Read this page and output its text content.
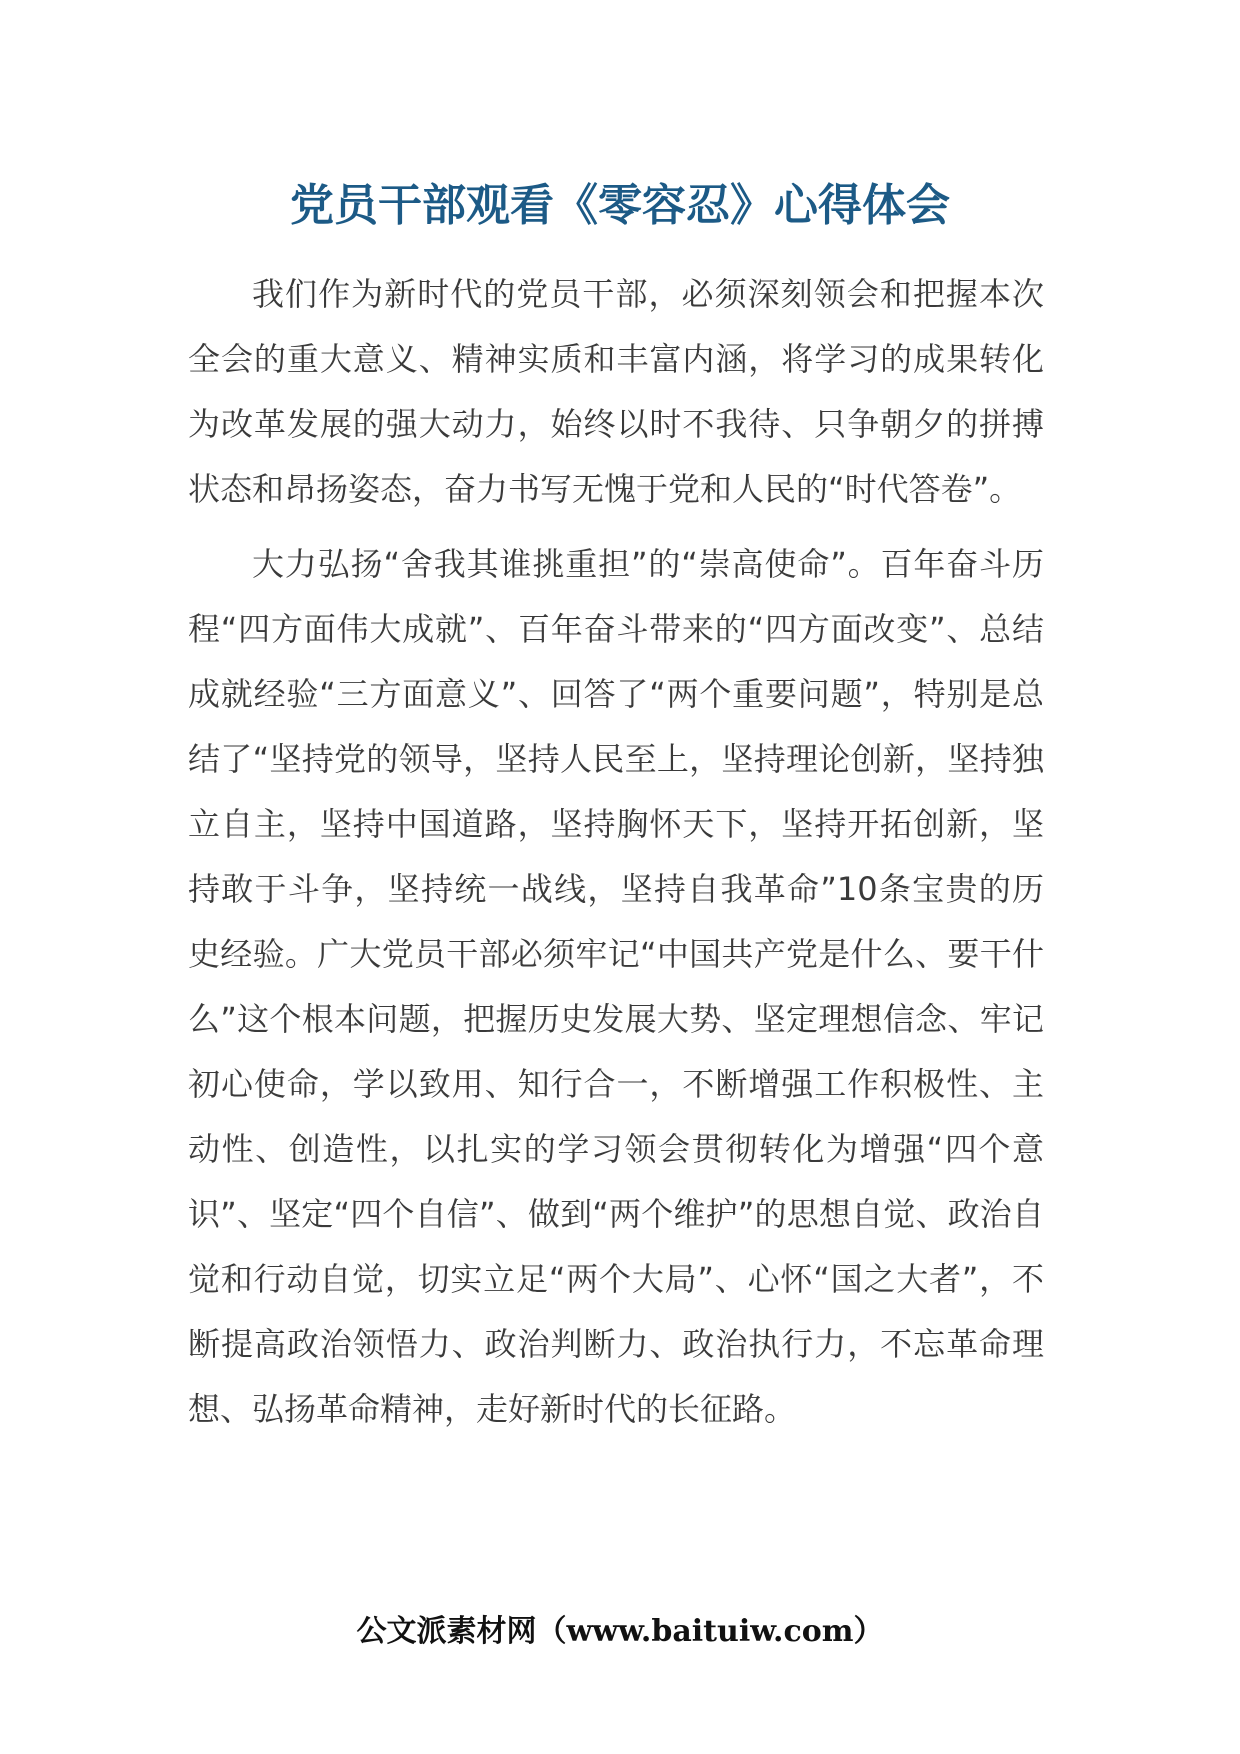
党员干部观看《零容忍》心得体会

我们作为新时代的党员干部，必须深刻领会和把握本次全会的重大意义、精神实质和丰富内涵，将学习的成果转化为改革发展的强大动力，始终以时不我待、只争朝夕的拼搏状态和昂扬姿态，奋力书写无愧于党和人民的“时代答卷”。

大力弘扬“舍我其谁挑重担”的“崇高使命”。百年奋斗历程“四方面伟大成就”、百年奋斗带来的“四方面改变”、总结成就经验“三方面意义”、回答了“两个重要问题”，特别是总结了“坚持党的领导，坚持人民至上，坚持理论创新，坚持独立自主，坚持中国道路，坚持胸怀天下，坚持开拓创新，坚持敢于斗争，坚持统一战线，坚持自我革命”10条宝贵的历史经验。广大党员干部必须牢记“中国共产党是什么、要干什么”这个根本问题，把握历史发展大势、坚定理想信念、牢记初心使命，学以致用、知行合一，不断增强工作积极性、主动性、创造性，以扎实的学习领会贯彻转化为增强“四个意识”、坚定“四个自信”、做到“两个维护”的思想自觉、政治自觉和行动自觉，切实立足“两个大局”、心怀“国之大者”，不断提高政治领悟力、政治判断力、政治执行力，不忘革命理想、弘扬革命精神，走好新时代的长征路。

公文派素材网（www.baituiw.com）
